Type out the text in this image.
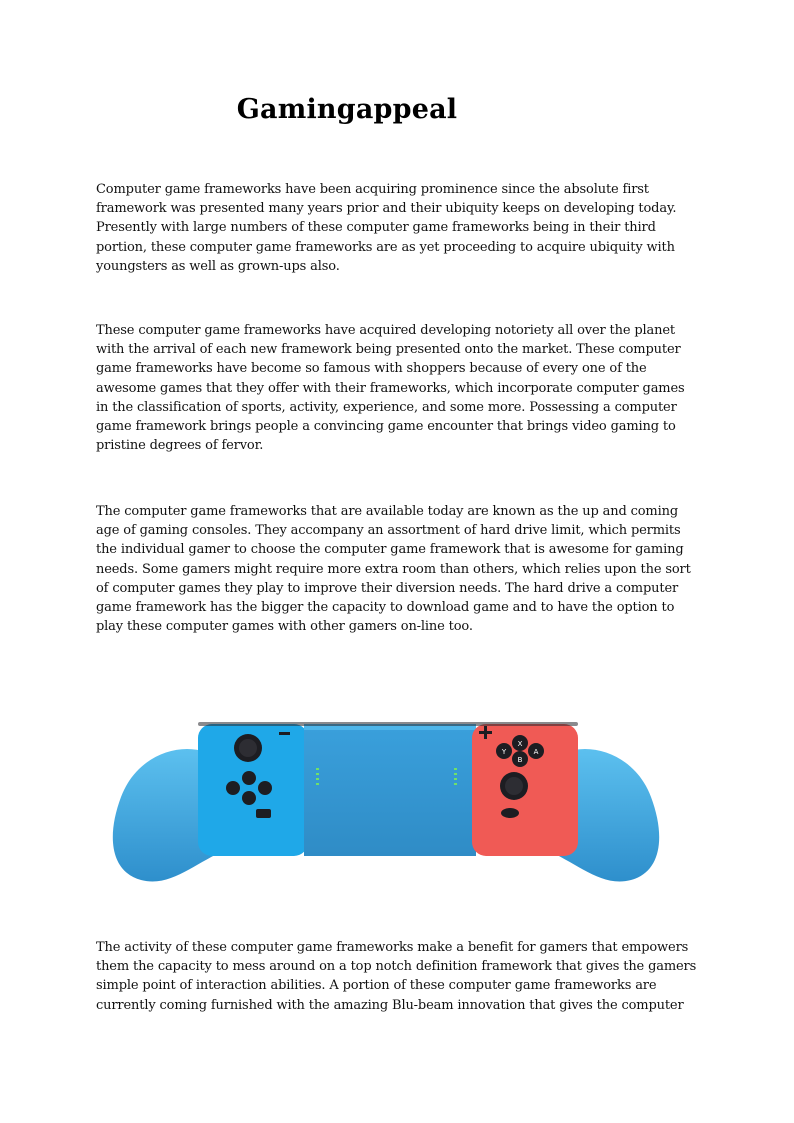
Gamingappeal

Computer game frameworks have been acquiring prominence since the absolute first framework was presented many years prior and their ubiquity keeps on developing today. Presently with large numbers of these computer game frameworks being in their third portion, these computer game frameworks are as yet proceeding to acquire ubiquity with youngsters as well as grown-ups also.

These computer game frameworks have acquired developing notoriety all over the planet with the arrival of each new framework being presented onto the market. These computer game frameworks have become so famous with shoppers because of every one of the awesome games that they offer with their frameworks, which incorporate computer games in the classification of sports, activity, experience, and some more. Possessing a computer game framework brings people a convincing game encounter that brings video gaming to pristine degrees of fervor.

The computer game frameworks that are available today are known as the up and coming age of gaming consoles. They accompany an assortment of hard drive limit, which permits the individual gamer to choose the computer game framework that is awesome for gaming needs. Some gamers might require more extra room than others, which relies upon the sort of computer games they play to improve their diversion needs. The hard drive a computer game framework has the bigger the capacity to download game and to have the option to play these computer games with other gamers on-line too.

X
Y	A
B

The activity of these computer game frameworks make a benefit for gamers that empowers them the capacity to mess around on a top notch definition framework that gives the gamers simple point of interaction abilities. A portion of these computer game frameworks are currently coming furnished with the amazing Blu-beam innovation that gives the computer
